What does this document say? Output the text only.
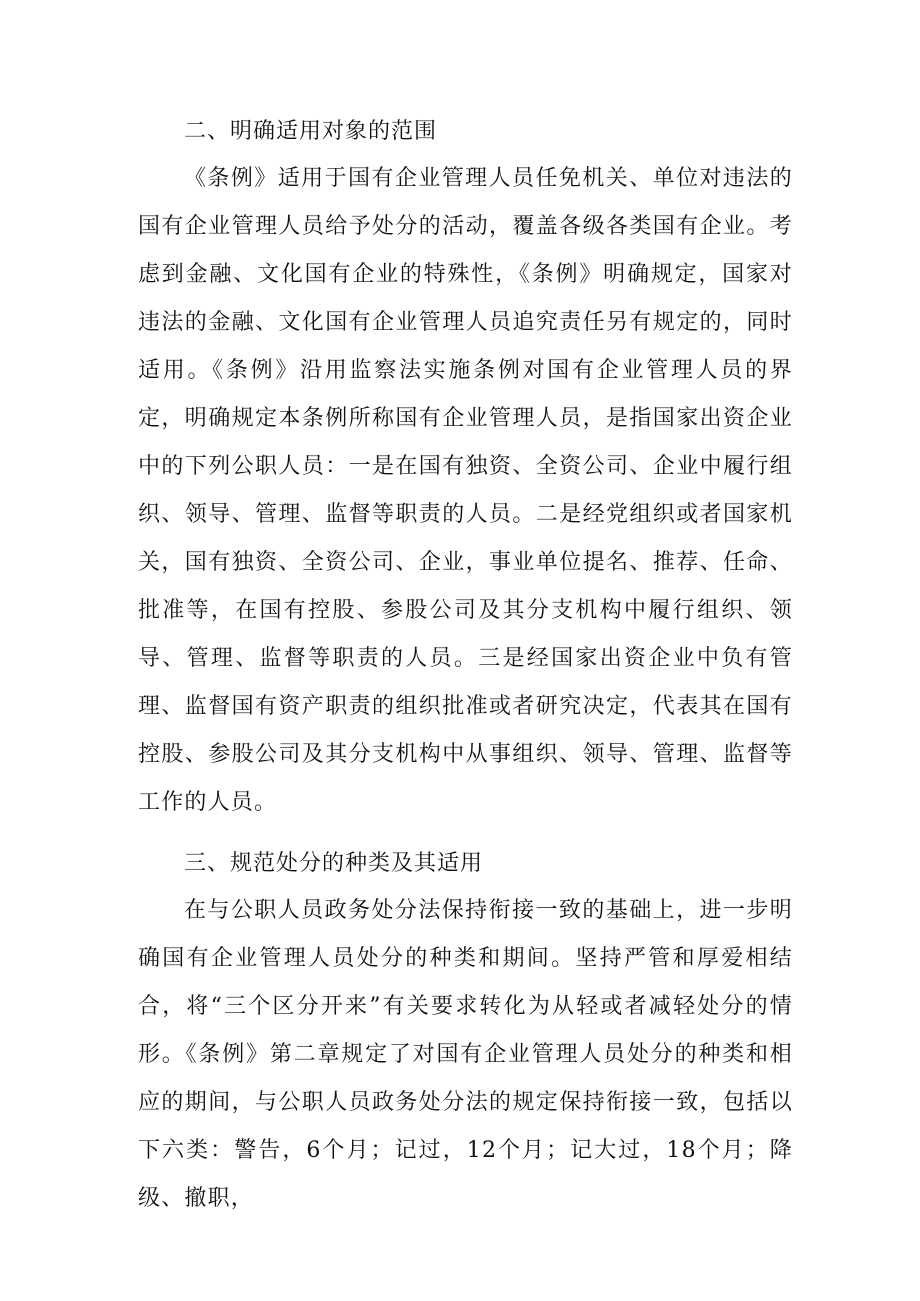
二、明确适用对象的范围

《条例》适用于国有企业管理人员任免机关、单位对违法的国有企业管理人员给予处分的活动，覆盖各级各类国有企业。考虑到金融、文化国有企业的特殊性，《条例》明确规定，国家对违法的金融、文化国有企业管理人员追究责任另有规定的，同时适用。《条例》沿用监察法实施条例对国有企业管理人员的界定，明确规定本条例所称国有企业管理人员，是指国家出资企业中的下列公职人员：一是在国有独资、全资公司、企业中履行组织、领导、管理、监督等职责的人员。二是经党组织或者国家机关，国有独资、全资公司、企业，事业单位提名、推荐、任命、批准等，在国有控股、参股公司及其分支机构中履行组织、领导、管理、监督等职责的人员。三是经国家出资企业中负有管理、监督国有资产职责的组织批准或者研究决定，代表其在国有控股、参股公司及其分支机构中从事组织、领导、管理、监督等工作的人员。

三、规范处分的种类及其适用

在与公职人员政务处分法保持衔接一致的基础上，进一步明确国有企业管理人员处分的种类和期间。坚持严管和厚爱相结合，将“三个区分开来”有关要求转化为从轻或者减轻处分的情形。《条例》第二章规定了对国有企业管理人员处分的种类和相应的期间，与公职人员政务处分法的规定保持衔接一致，包括以下六类：警告，6个月；记过，12个月；记大过，18个月；降级、撤职，
